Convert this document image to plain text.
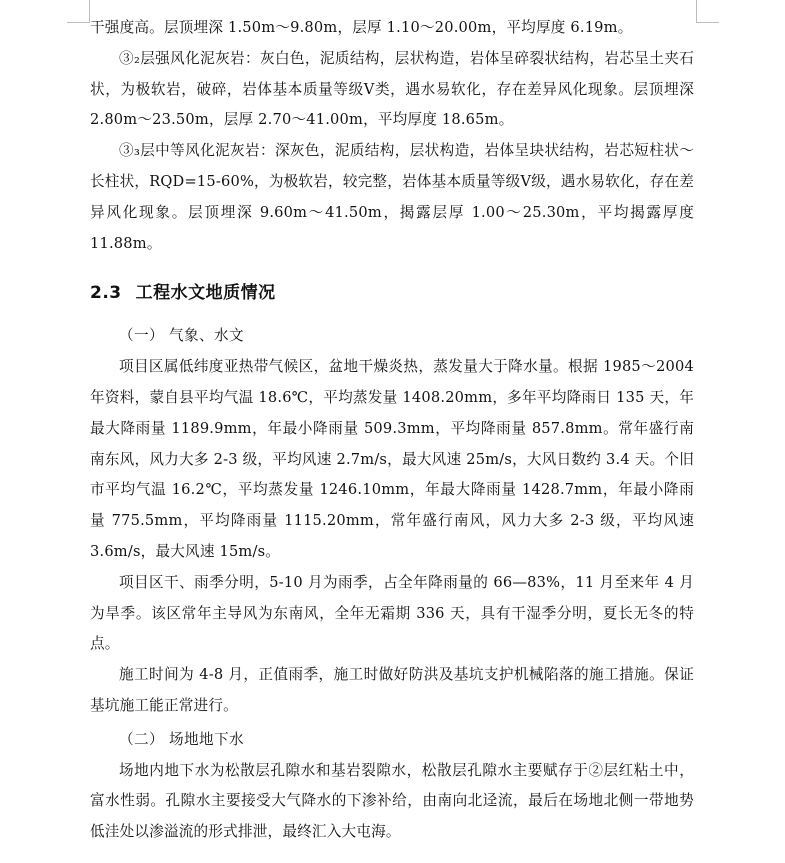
干强度高。层顶埋深 1.50m～9.80m，层厚 1.10～20.00m，平均厚度 6.19m。

③₂层强风化泥灰岩：灰白色，泥质结构，层状构造，岩体呈碎裂状结构，岩芯呈土夹石状，为极软岩，破碎，岩体基本质量等级Ⅴ类，遇水易软化，存在差异风化现象。层顶埋深 2.80m～23.50m，层厚 2.70～41.00m，平均厚度 18.65m。

③₃层中等风化泥灰岩：深灰色，泥质结构，层状构造，岩体呈块状结构，岩芯短柱状～长柱状，RQD=15-60%，为极软岩，较完整，岩体基本质量等级Ⅴ级，遇水易软化，存在差异风化现象。层顶埋深 9.60m～41.50m，揭露层厚 1.00～25.30m，平均揭露厚度 11.88m。

2.3 工程水文地质情况

（一） 气象、水文

项目区属低纬度亚热带气候区，盆地干燥炎热，蒸发量大于降水量。根据 1985～2004 年资料，蒙自县平均气温 18.6℃，平均蒸发量 1408.20mm，多年平均降雨日 135 天，年最大降雨量 1189.9mm，年最小降雨量 509.3mm，平均降雨量 857.8mm。常年盛行南南东风，风力大多 2-3 级，平均风速 2.7m/s，最大风速 25m/s，大风日数约 3.4 天。个旧市平均气温 16.2℃，平均蒸发量 1246.10mm，年最大降雨量 1428.7mm，年最小降雨量 775.5mm，平均降雨量 1115.20mm，常年盛行南风，风力大多 2-3 级，平均风速 3.6m/s，最大风速 15m/s。

项目区干、雨季分明，5-10 月为雨季，占全年降雨量的 66—83%，11 月至来年 4 月为旱季。该区常年主导风为东南风，全年无霜期 336 天，具有干湿季分明，夏长无冬的特点。

施工时间为 4-8 月，正值雨季，施工时做好防洪及基坑支护机械陷落的施工措施。保证基坑施工能正常进行。

（二） 场地地下水

场地内地下水为松散层孔隙水和基岩裂隙水，松散层孔隙水主要赋存于②层红粘土中，富水性弱。孔隙水主要接受大气降水的下渗补给，由南向北迳流，最后在场地北侧一带地势低洼处以渗溢流的形式排泄，最终汇入大屯海。
